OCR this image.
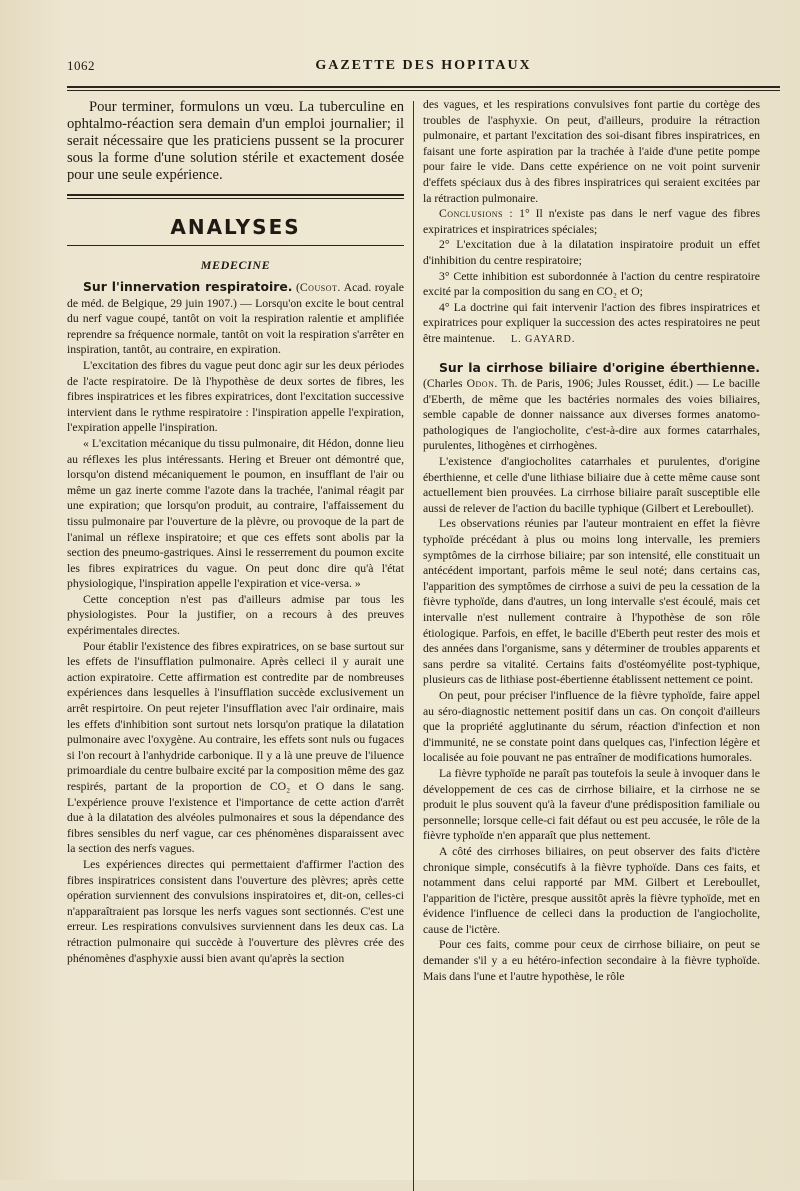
1062	GAZETTE DES HOPITAUX

Pour terminer, formulons un vœu. La tuberculine en ophtalmo-réaction sera demain d'un emploi journalier; il serait nécessaire que les praticiens pussent se la procurer sous la forme d'une solution stérile et exactement dosée pour une seule expérience.

ANALYSES
MEDECINE

Sur l'innervation respiratoire. (Cousot. Acad. royale de méd. de Belgique, 29 juin 1907.) — Lorsqu'on excite le bout central du nerf vague coupé, tantôt on voit la respiration ralentie et amplifiée reprendre sa fréquence normale, tantôt on voit la respiration s'arrêter en inspiration, tantôt, au contraire, en expiration.

L'excitation des fibres du vague peut donc agir sur les deux périodes de l'acte respiratoire. De là l'hypothèse de deux sortes de fibres, les fibres inspiratrices et les fibres expiratrices, dont l'excitation successive intervient dans le rythme respiratoire : l'inspiration appelle l'expiration, l'expiration appelle l'inspiration.

« L'excitation mécanique du tissu pulmonaire, dit Hédon, donne lieu au réflexes les plus intéressants. Hering et Breuer ont démontré que, lorsqu'on distend mécaniquement le poumon, en insufflant de l'air ou même un gaz inerte comme l'azote dans la trachée, l'animal réagit par une expiration; que lorsqu'on produit, au contraire, l'affaissement du tissu pulmonaire par l'ouverture de la plèvre, ou provoque de la part de l'animal un réflexe inspiratoire; et que ces effets sont abolis par la section des pneumo-gastriques. Ainsi le resserrement du poumon excite les fibres expiratrices du vague. On peut donc dire qu'à l'état physiologique, l'inspiration appelle l'expiration et vice-versa. »

Cette conception n'est pas d'ailleurs admise par tous les physiologistes. Pour la justifier, on a recours à des preuves expérimentales directes.

Pour établir l'existence des fibres expiratrices, on se base surtout sur les effets de l'insufflation pulmonaire. Après celleci il y aurait une action expiratoire. Cette affirmation est contredite par de nombreuses expériences dans lesquelles à l'insufflation succède exclusivement un arrêt respirtoire. On peut rejeter l'insufflation avec l'air ordinaire, mais les effets d'inhibition sont surtout nets lorsqu'on pratique la dilatation pulmonaire avec l'oxygène. Au contraire, les effets sont nuls ou fugaces si l'on recourt à l'anhydride carbonique. Il y a là une preuve de l'iluence primoardiale du centre bulbaire excité par la composition même des gaz respirés, partant de la proportion de CO₂ et O dans le sang. L'expérience prouve l'existence et l'importance de cette action d'arrêt due à la dilatation des alvéoles pulmonaires et sous la dépendance des fibres sensibles du nerf vague, car ces phénomènes disparaissent avec la section des nerfs vagues.

Les expériences directes qui permettaient d'affirmer l'action des fibres inspiratrices consistent dans l'ouverture des plèvres; après cette opération surviennent des convulsions inspiratoires et, dit-on, celles-ci n'apparaîtraient pas lorsque les nerfs vagues sont sectionnés. C'est une erreur. Les respirations convulsives surviennent dans les deux cas. La rétraction pulmonaire qui succède à l'ouverture des plèvres crée des phénomènes d'asphyxie aussi bien avant qu'après la section

des vagues, et les respirations convulsives font partie du cortège des troubles de l'asphyxie. On peut, d'ailleurs, produire la rétraction pulmonaire, et partant l'excitation des soi-disant fibres inspiratrices, en faisant une forte aspiration par la trachée à l'aide d'une petite pompe pour faire le vide. Dans cette expérience on ne voit point survenir d'effets spéciaux dus à des fibres inspiratrices qui seraient excitées par la rétraction pulmonaire.

Conclusions : 1° Il n'existe pas dans le nerf vague des fibres expiratrices et inspiratrices spéciales;

2° L'excitation due à la dilatation inspiratoire produit un effet d'inhibition du centre respiratoire;

3° Cette inhibition est subordonnée à l'action du centre respiratoire excité par la composition du sang en CO₂ et O;

4° La doctrine qui fait intervenir l'action des fibres inspiratrices et expiratrices pour expliquer la succession des actes respiratoires ne peut être maintenue. L. GAYARD.

Sur la cirrhose biliaire d'origine éberthienne. (Charles Odon. Th. de Paris, 1906; Jules Rousset, édit.) — Le bacille d'Eberth, de même que les bactéries normales des voies biliaires, semble capable de donner naissance aux diverses formes anatomo-pathologiques de l'angiocholite, c'est-à-dire aux formes catarrhales, purulentes, lithogènes et cirrhogènes.

L'existence d'angiocholites catarrhales et purulentes, d'origine éberthienne, et celle d'une lithiase biliaire due à cette même cause sont actuellement bien prouvées. La cirrhose biliaire paraît susceptible elle aussi de relever de l'action du bacille typhique (Gilbert et Lereboullet).

Les observations réunies par l'auteur montraient en effet la fièvre typhoïde précédant à plus ou moins long intervalle, les premiers symptômes de la cirrhose biliaire; par son intensité, elle constituait un antécédent important, parfois même le seul noté; dans certains cas, l'apparition des symptômes de cirrhose a suivi de peu la cessation de la fièvre typhoïde, dans d'autres, un long intervalle s'est écoulé, mais cet intervalle n'est nullement contraire à l'hypothèse de son rôle étiologique. Parfois, en effet, le bacille d'Eberth peut rester des mois et des années dans l'organisme, sans y déterminer de troubles apparents et sans perdre sa vitalité. Certains faits d'ostéomyélite post-typhique, plusieurs cas de lithiase post-ébertienne établissent nettement ce point.

On peut, pour préciser l'influence de la fièvre typhoïde, faire appel au séro-diagnostic nettement positif dans un cas. On conçoit d'ailleurs que la propriété agglutinante du sérum, réaction d'infection et non d'immunité, ne se constate point dans quelques cas, l'infection légère et localisée au foie pouvant ne pas entraîner de modifications humorales.

La fièvre typhoïde ne paraît pas toutefois la seule à invoquer dans le développement de ces cas de cirrhose biliaire, et la cirrhose ne se produit le plus souvent qu'à la faveur d'une prédisposition familiale ou personnelle; lorsque celle-ci fait défaut ou est peu accusée, le rôle de la fièvre typhoïde n'en apparaît que plus nettement.

A côté des cirrhoses biliaires, on peut observer des faits d'ictère chronique simple, consécutifs à la fièvre typhoïde. Dans ces faits, et notamment dans celui rapporté par MM. Gilbert et Lereboullet, l'apparition de l'ictère, presque aussitôt après la fièvre typhoïde, met en évidence l'influence de celleci dans la production de l'angiocholite, cause de l'ictère.

Pour ces faits, comme pour ceux de cirrhose biliaire, on peut se demander s'il y a eu hétéro-infection secondaire à la fièvre typhoïde. Mais dans l'une et l'autre hypothèse, le rôle
